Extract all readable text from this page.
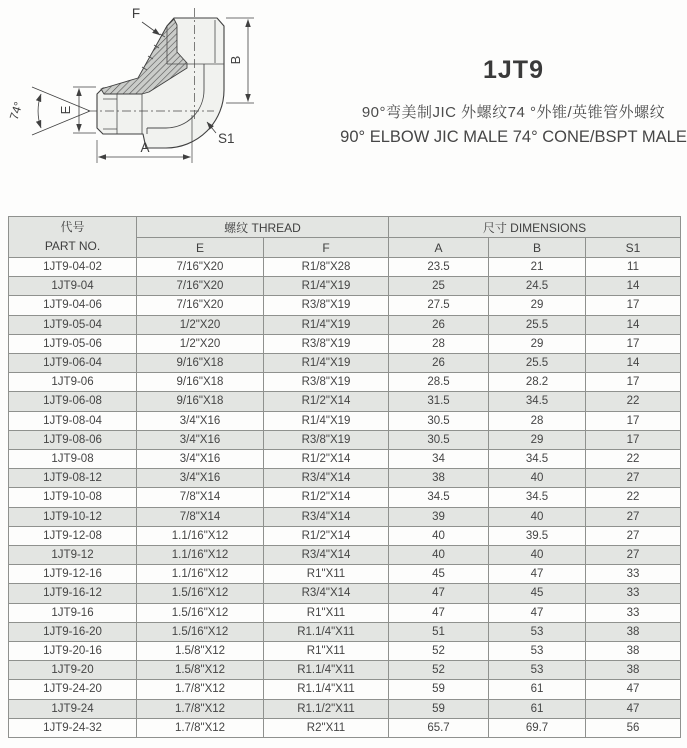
E
74°
B
A
S1
F
1JT9
90°弯美制JIC 外螺纹74 °外锥/英锥管外螺纹
90° ELBOW JIC MALE 74° CONE/BSPT MALE
代号
PART NO.	螺纹 THREAD		尺寸 DIMENSIONS		
	E	F	A	B	S1
1JT9-04-02	7/16"X20	R1/8"X28	23.5	21	11
1JT9-04	7/16"X20	R1/4"X19	25	24.5	14
1JT9-04-06	7/16"X20	R3/8"X19	27.5	29	17
1JT9-05-04	1/2"X20	R1/4"X19	26	25.5	14
1JT9-05-06	1/2"X20	R3/8"X19	28	29	17
1JT9-06-04	9/16"X18	R1/4"X19	26	25.5	14
1JT9-06	9/16"X18	R3/8"X19	28.5	28.2	17
1JT9-06-08	9/16"X18	R1/2"X14	31.5	34.5	22
1JT9-08-04	3/4"X16	R1/4"X19	30.5	28	17
1JT9-08-06	3/4"X16	R3/8"X19	30.5	29	17
1JT9-08	3/4"X16	R1/2"X14	34	34.5	22
1JT9-08-12	3/4"X16	R3/4"X14	38	40	27
1JT9-10-08	7/8"X14	R1/2"X14	34.5	34.5	22
1JT9-10-12	7/8"X14	R3/4"X14	39	40	27
1JT9-12-08	1.1/16"X12	R1/2"X14	40	39.5	27
1JT9-12	1.1/16"X12	R3/4"X14	40	40	27
1JT9-12-16	1.1/16"X12	R1"X11	45	47	33
1JT9-16-12	1.5/16"X12	R3/4"X14	47	45	33
1JT9-16	1.5/16"X12	R1"X11	47	47	33
1JT9-16-20	1.5/16"X12	R1.1/4"X11	51	53	38
1JT9-20-16	1.5/8"X12	R1"X11	52	53	38
1JT9-20	1.5/8"X12	R1.1/4"X11	52	53	38
1JT9-24-20	1.7/8"X12	R1.1/4"X11	59	61	47
1JT9-24	1.7/8"X12	R1.1/2"X11	59	61	47
1JT9-24-32	1.7/8"X12	R2"X11	65.7	69.7	56
